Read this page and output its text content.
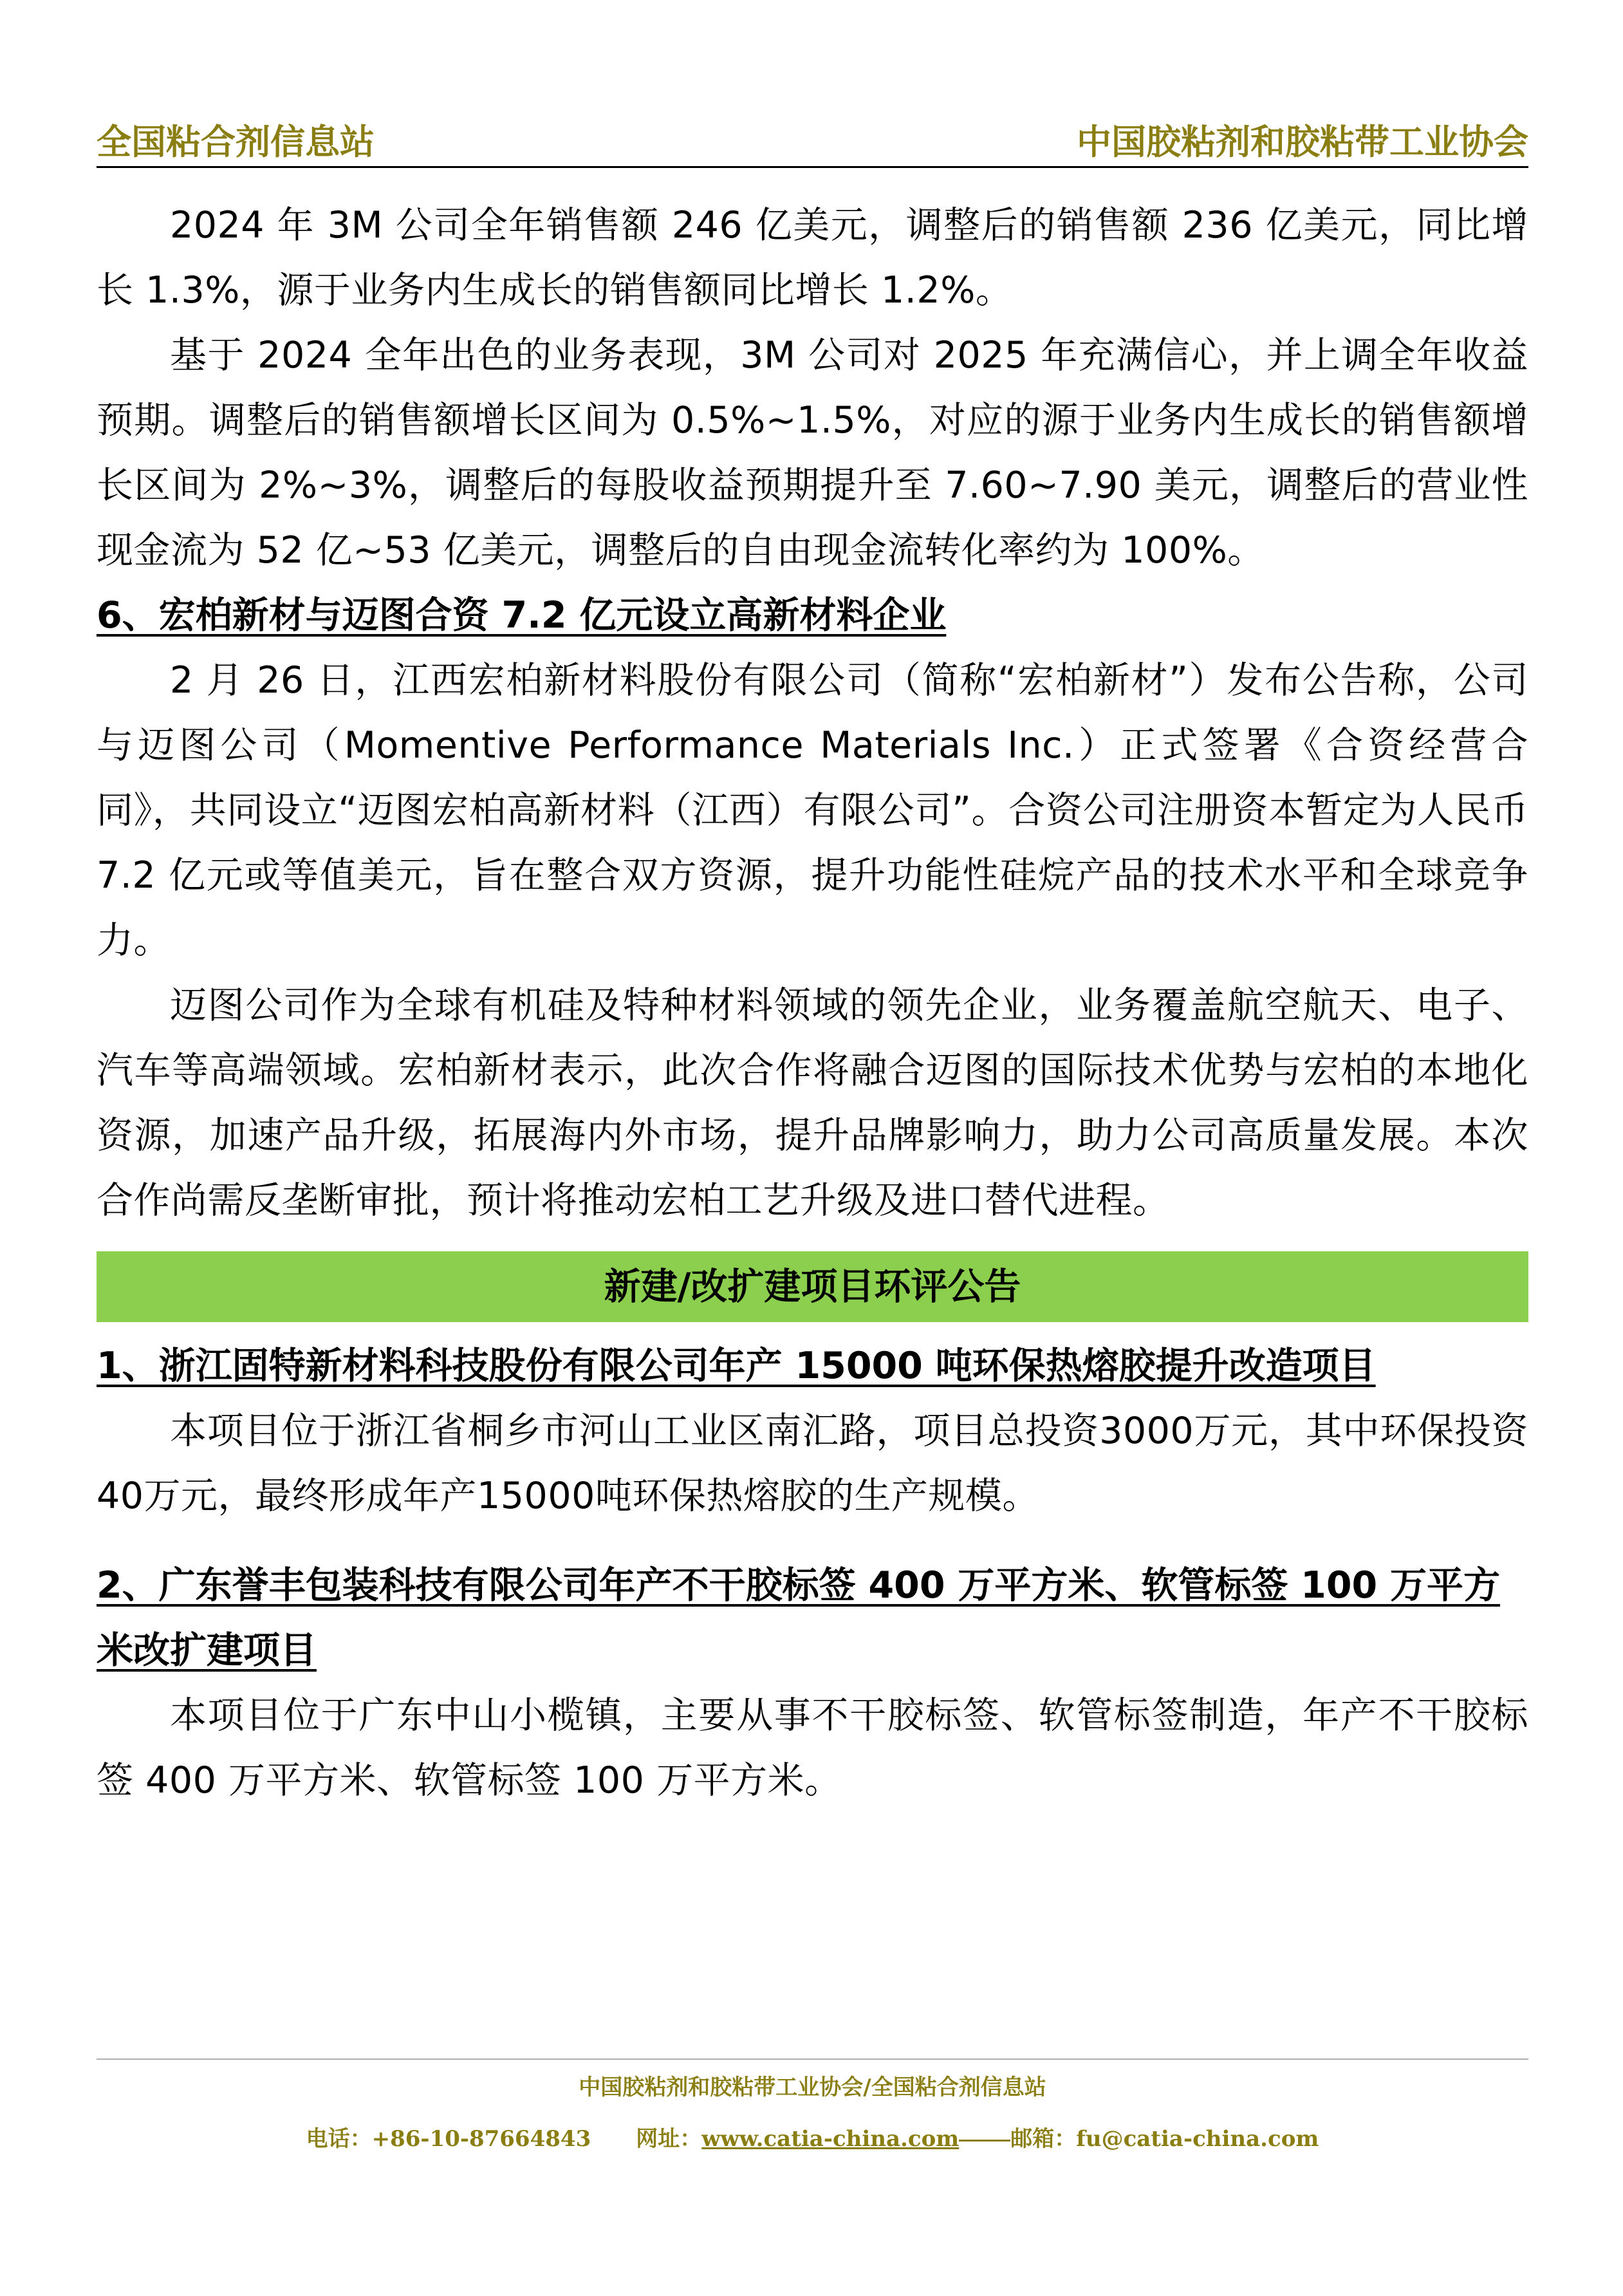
全国粘合剂信息站	中国胶粘剂和胶粘带工业协会

2024 年 3M 公司全年销售额 246 亿美元，调整后的销售额 236 亿美元，同比增长 1.3%，源于业务内生成长的销售额同比增长 1.2%。

基于 2024 全年出色的业务表现，3M 公司对 2025 年充满信心，并上调全年收益预期。调整后的销售额增长区间为 0.5%~1.5%，对应的源于业务内生成长的销售额增长区间为 2%~3%，调整后的每股收益预期提升至 7.60~7.90 美元，调整后的营业性现金流为 52 亿~53 亿美元，调整后的自由现金流转化率约为 100%。

6、宏柏新材与迈图合资 7.2 亿元设立高新材料企业

2 月 26 日，江西宏柏新材料股份有限公司（简称“宏柏新材”）发布公告称，公司与迈图公司（Momentive Performance Materials Inc.）正式签署《合资经营合同》，共同设立“迈图宏柏高新材料（江西）有限公司”。合资公司注册资本暂定为人民币 7.2 亿元或等值美元，旨在整合双方资源，提升功能性硅烷产品的技术水平和全球竞争力。

迈图公司作为全球有机硅及特种材料领域的领先企业，业务覆盖航空航天、电子、汽车等高端领域。宏柏新材表示，此次合作将融合迈图的国际技术优势与宏柏的本地化资源，加速产品升级，拓展海内外市场，提升品牌影响力，助力公司高质量发展。本次合作尚需反垄断审批，预计将推动宏柏工艺升级及进口替代进程。

新建/改扩建项目环评公告
1、浙江固特新材料科技股份有限公司年产 15000 吨环保热熔胶提升改造项目

本项目位于浙江省桐乡市河山工业区南汇路，项目总投资3000万元，其中环保投资40万元，最终形成年产15000吨环保热熔胶的生产规模。

2、广东誉丰包装科技有限公司年产不干胶标签 400 万平方米、软管标签 100 万平方米改扩建项目

本项目位于广东中山小榄镇，主要从事不干胶标签、软管标签制造，年产不干胶标签 400 万平方米、软管标签 100 万平方米。

中国胶粘剂和胶粘带工业协会/全国粘合剂信息站
电话：+86-10-87664843 网址：www.catia-china.com 邮箱：fu@catia-china.com
